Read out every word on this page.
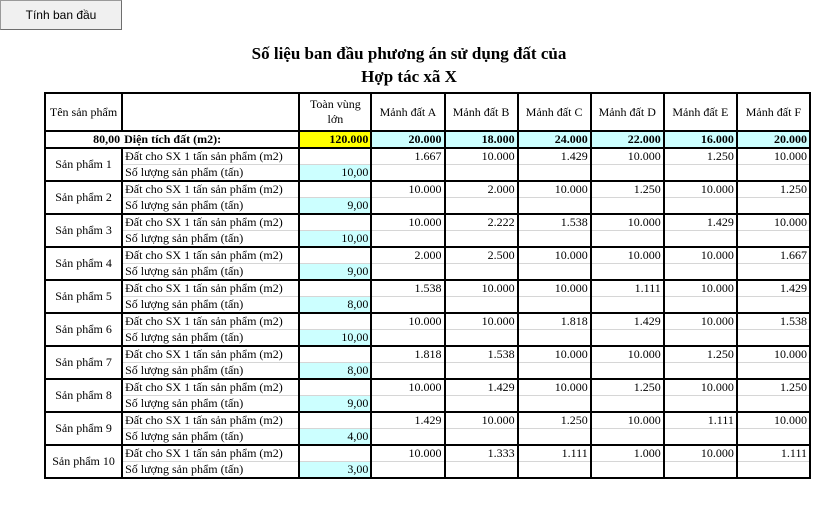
Tính ban đầu
Số liệu ban đầu phương án sử dụng đất của
Hợp tác xã X
Tên sản phẩm		Toàn vùng lớn	Mảnh đất A	Mảnh đất B	Mảnh đất C	Mảnh đất D	Mảnh đất E	Mảnh đất F
80,00	Diện tích đất (m2):	120.000	20.000	18.000	24.000	22.000	16.000	20.000
Sản phẩm 1	Đất cho SX 1 tấn sản phẩm (m2)		1.667	10.000	1.429	10.000	1.250	10.000
	Số lượng sản phẩm (tấn)	10,00						
Sản phẩm 2	Đất cho SX 1 tấn sản phẩm (m2)		10.000	2.000	10.000	1.250	10.000	1.250
	Số lượng sản phẩm (tấn)	9,00						
Sản phẩm 3	Đất cho SX 1 tấn sản phẩm (m2)		10.000	2.222	1.538	10.000	1.429	10.000
	Số lượng sản phẩm (tấn)	10,00						
Sản phẩm 4	Đất cho SX 1 tấn sản phẩm (m2)		2.000	2.500	10.000	10.000	10.000	1.667
	Số lượng sản phẩm (tấn)	9,00						
Sản phẩm 5	Đất cho SX 1 tấn sản phẩm (m2)		1.538	10.000	10.000	1.111	10.000	1.429
	Số lượng sản phẩm (tấn)	8,00						
Sản phẩm 6	Đất cho SX 1 tấn sản phẩm (m2)		10.000	10.000	1.818	1.429	10.000	1.538
	Số lượng sản phẩm (tấn)	10,00						
Sản phẩm 7	Đất cho SX 1 tấn sản phẩm (m2)		1.818	1.538	10.000	10.000	1.250	10.000
	Số lượng sản phẩm (tấn)	8,00						
Sản phẩm 8	Đất cho SX 1 tấn sản phẩm (m2)		10.000	1.429	10.000	1.250	10.000	1.250
	Số lượng sản phẩm (tấn)	9,00						
Sản phẩm 9	Đất cho SX 1 tấn sản phẩm (m2)		1.429	10.000	1.250	10.000	1.111	10.000
	Số lượng sản phẩm (tấn)	4,00						
Sản phẩm 10	Đất cho SX 1 tấn sản phẩm (m2)		10.000	1.333	1.111	1.000	10.000	1.111
	Số lượng sản phẩm (tấn)	3,00						
